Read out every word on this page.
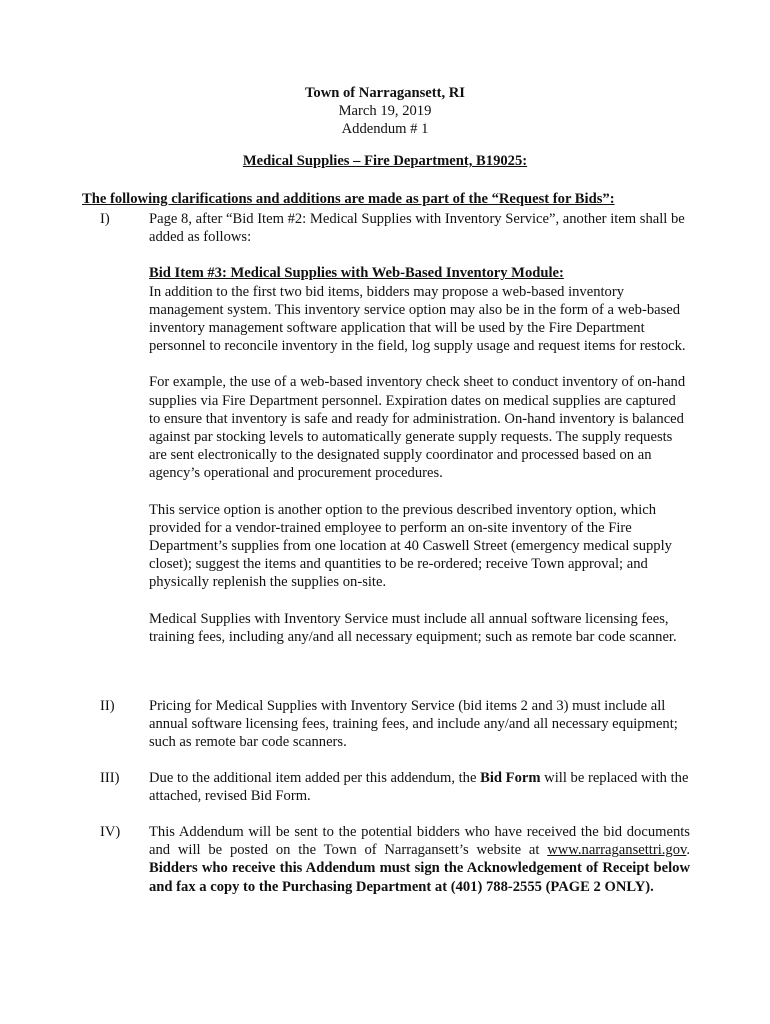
Town of Narragansett, RI
March 19, 2019
Addendum # 1
Medical Supplies – Fire Department, B19025:
The following clarifications and additions are made as part of the “Request for Bids”:
I)	Page 8, after “Bid Item #2: Medical Supplies with Inventory Service”, another item shall be added as follows:

Bid Item #3: Medical Supplies with Web-Based Inventory Module:

In addition to the first two bid items, bidders may propose a web-based inventory management system. This inventory service option may also be in the form of a web-based inventory management software application that will be used by the Fire Department personnel to reconcile inventory in the field, log supply usage and request items for restock.

For example, the use of a web-based inventory check sheet to conduct inventory of on-hand supplies via Fire Department personnel. Expiration dates on medical supplies are captured to ensure that inventory is safe and ready for administration. On-hand inventory is balanced against par stocking levels to automatically generate supply requests. The supply requests are sent electronically to the designated supply coordinator and processed based on an agency’s operational and procurement procedures.

This service option is another option to the previous described inventory option, which provided for a vendor-trained employee to perform an on-site inventory of the Fire Department’s supplies from one location at 40 Caswell Street (emergency medical supply closet); suggest the items and quantities to be re-ordered; receive Town approval; and physically replenish the supplies on-site.

Medical Supplies with Inventory Service must include all annual software licensing fees, training fees, including any/and all necessary equipment; such as remote bar code scanner.

II)	Pricing for Medical Supplies with Inventory Service (bid items 2 and 3) must include all annual software licensing fees, training fees, and include any/and all necessary equipment; such as remote bar code scanners.

III)	Due to the additional item added per this addendum, the Bid Form will be replaced with the attached, revised Bid Form.

IV)	This Addendum will be sent to the potential bidders who have received the bid documents and will be posted on the Town of Narragansett’s website at www.narragansettri.gov. Bidders who receive this Addendum must sign the Acknowledgement of Receipt below and fax a copy to the Purchasing Department at (401) 788-2555 (PAGE 2 ONLY).
